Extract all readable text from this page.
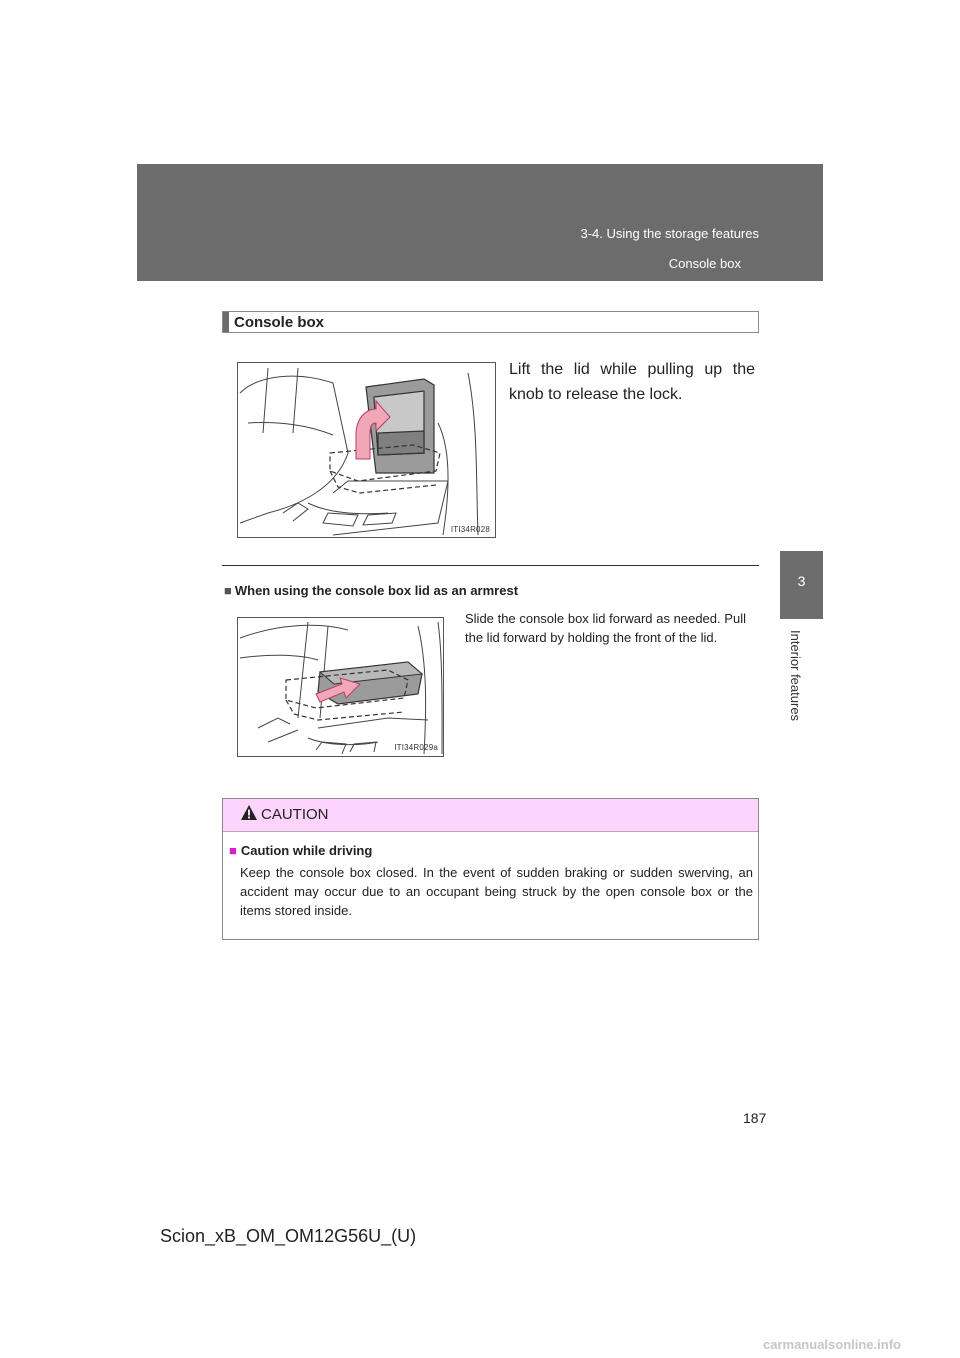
3-4. Using the storage features
Console box
3
Interior features
Console box
ITI34R028
Lift the lid while pulling up the knob to release the lock.
■ When using the console box lid as an armrest
ITI34R029a
Slide the console box lid forward as needed. Pull the lid forward by holding the front of the lid.
CAUTION
■ Caution while driving
Keep the console box closed. In the event of sudden braking or sudden swerving, an accident may occur due to an occupant being struck by the open console box or the items stored inside.
187
Scion_xB_OM_OM12G56U_(U)
carmanualsonline.info
